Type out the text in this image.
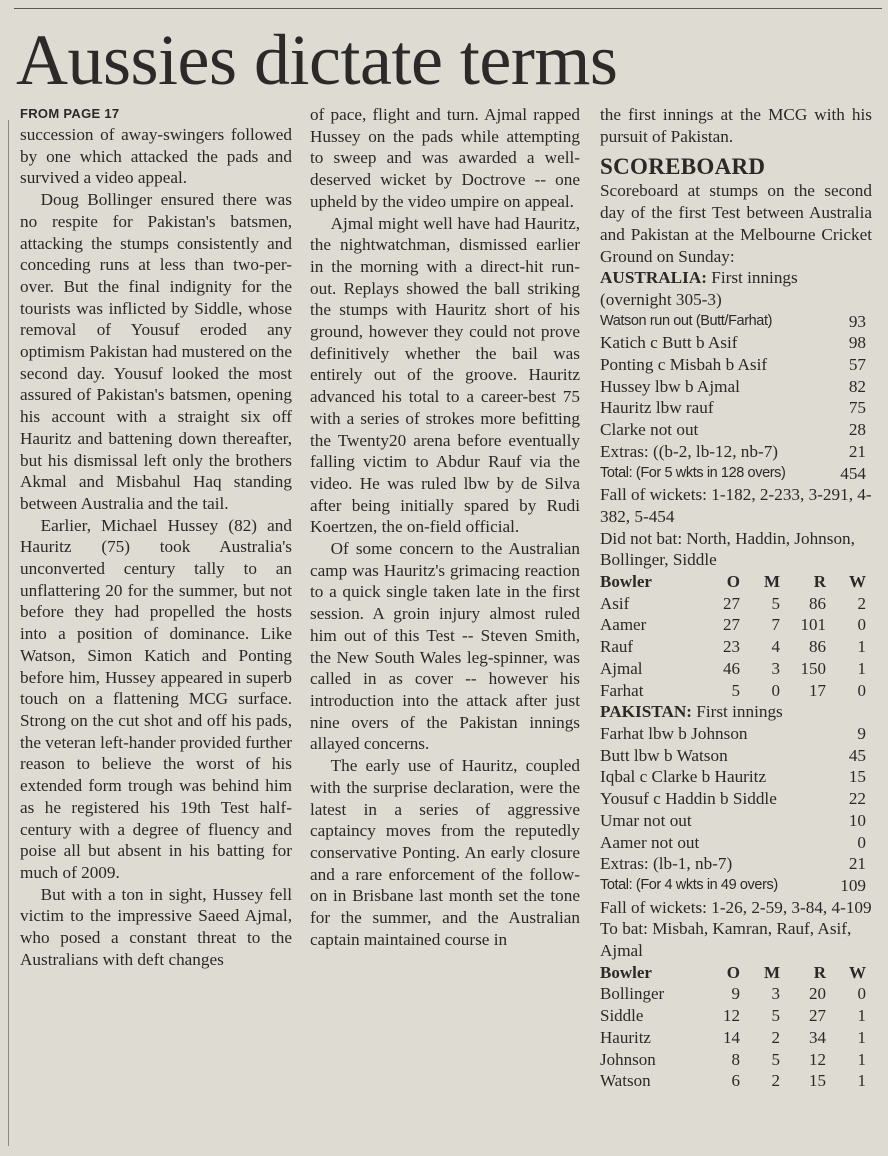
Aussies dictate terms
FROM PAGE 17

succession of away-swingers followed by one which attacked the pads and survived a video appeal.

Doug Bollinger ensured there was no respite for Pakistan's batsmen, attacking the stumps consistently and conceding runs at less than two-per-over. But the final indignity for the tourists was inflicted by Siddle, whose removal of Yousuf eroded any optimism Pakistan had mustered on the second day. Yousuf looked the most assured of Pakistan's batsmen, opening his account with a straight six off Hauritz and battening down thereafter, but his dismissal left only the brothers Akmal and Misbahul Haq standing between Australia and the tail.

Earlier, Michael Hussey (82) and Hauritz (75) took Australia's unconverted century tally to an unflattering 20 for the summer, but not before they had propelled the hosts into a position of dominance. Like Watson, Simon Katich and Ponting before him, Hussey appeared in superb touch on a flattening MCG surface. Strong on the cut shot and off his pads, the veteran left-hander provided further reason to believe the worst of his extended form trough was behind him as he registered his 19th Test half-century with a degree of fluency and poise all but absent in his batting for much of 2009.

But with a ton in sight, Hussey fell victim to the impressive Saeed Ajmal, who posed a constant threat to the Australians with deft changes

of pace, flight and turn. Ajmal rapped Hussey on the pads while attempting to sweep and was awarded a well-deserved wicket by Doctrove -- one upheld by the video umpire on appeal.

Ajmal might well have had Hauritz, the nightwatchman, dismissed earlier in the morning with a direct-hit run-out. Replays showed the ball striking the stumps with Hauritz short of his ground, however they could not prove definitively whether the bail was entirely out of the groove. Hauritz advanced his total to a career-best 75 with a series of strokes more befitting the Twenty20 arena before eventually falling victim to Abdur Rauf via the video. He was ruled lbw by de Silva after being initially spared by Rudi Koertzen, the on-field official.

Of some concern to the Australian camp was Hauritz's grimacing reaction to a quick single taken late in the first session. A groin injury almost ruled him out of this Test -- Steven Smith, the New South Wales leg-spinner, was called in as cover -- however his introduction into the attack after just nine overs of the Pakistan innings allayed concerns.

The early use of Hauritz, coupled with the surprise declaration, were the latest in a series of aggressive captaincy moves from the reputedly conservative Ponting. An early closure and a rare enforcement of the follow-on in Brisbane last month set the tone for the summer, and the Australian captain maintained course in

the first innings at the MCG with his pursuit of Pakistan.

SCOREBOARD

Scoreboard at stumps on the second day of the first Test between Australia and Pakistan at the Melbourne Cricket Ground on Sunday:

AUSTRALIA: First innings
(overnight 305-3)
Watson run out (Butt/Farhat)	93
Katich c Butt b Asif	98
Ponting c Misbah b Asif	57
Hussey lbw b Ajmal	82
Hauritz lbw rauf	75
Clarke not out	28
Extras: ((b-2, lb-12, nb-7)	21
Total: (For 5 wkts in 128 overs)	454
Fall of wickets: 1-182, 2-233, 3-291, 4-382, 5-454
Did not bat: North, Haddin, Johnson, Bollinger, Siddle
Bowler	O	M	R	W
Asif	27	5	86	2
Aamer	27	7	101	0
Rauf	23	4	86	1
Ajmal	46	3	150	1
Farhat	5	0	17	0
PAKISTAN: First innings
Farhat lbw b Johnson	9
Butt lbw b Watson	45
Iqbal c Clarke b Hauritz	15
Yousuf c Haddin b Siddle	22
Umar not out	10
Aamer not out	0
Extras: (lb-1, nb-7)	21
Total: (For 4 wkts in 49 overs)	109
Fall of wickets: 1-26, 2-59, 3-84, 4-109
To bat: Misbah, Kamran, Rauf, Asif, Ajmal
Bowler	O	M	R	W
Bollinger	9	3	20	0
Siddle	12	5	27	1
Hauritz	14	2	34	1
Johnson	8	5	12	1
Watson	6	2	15	1
